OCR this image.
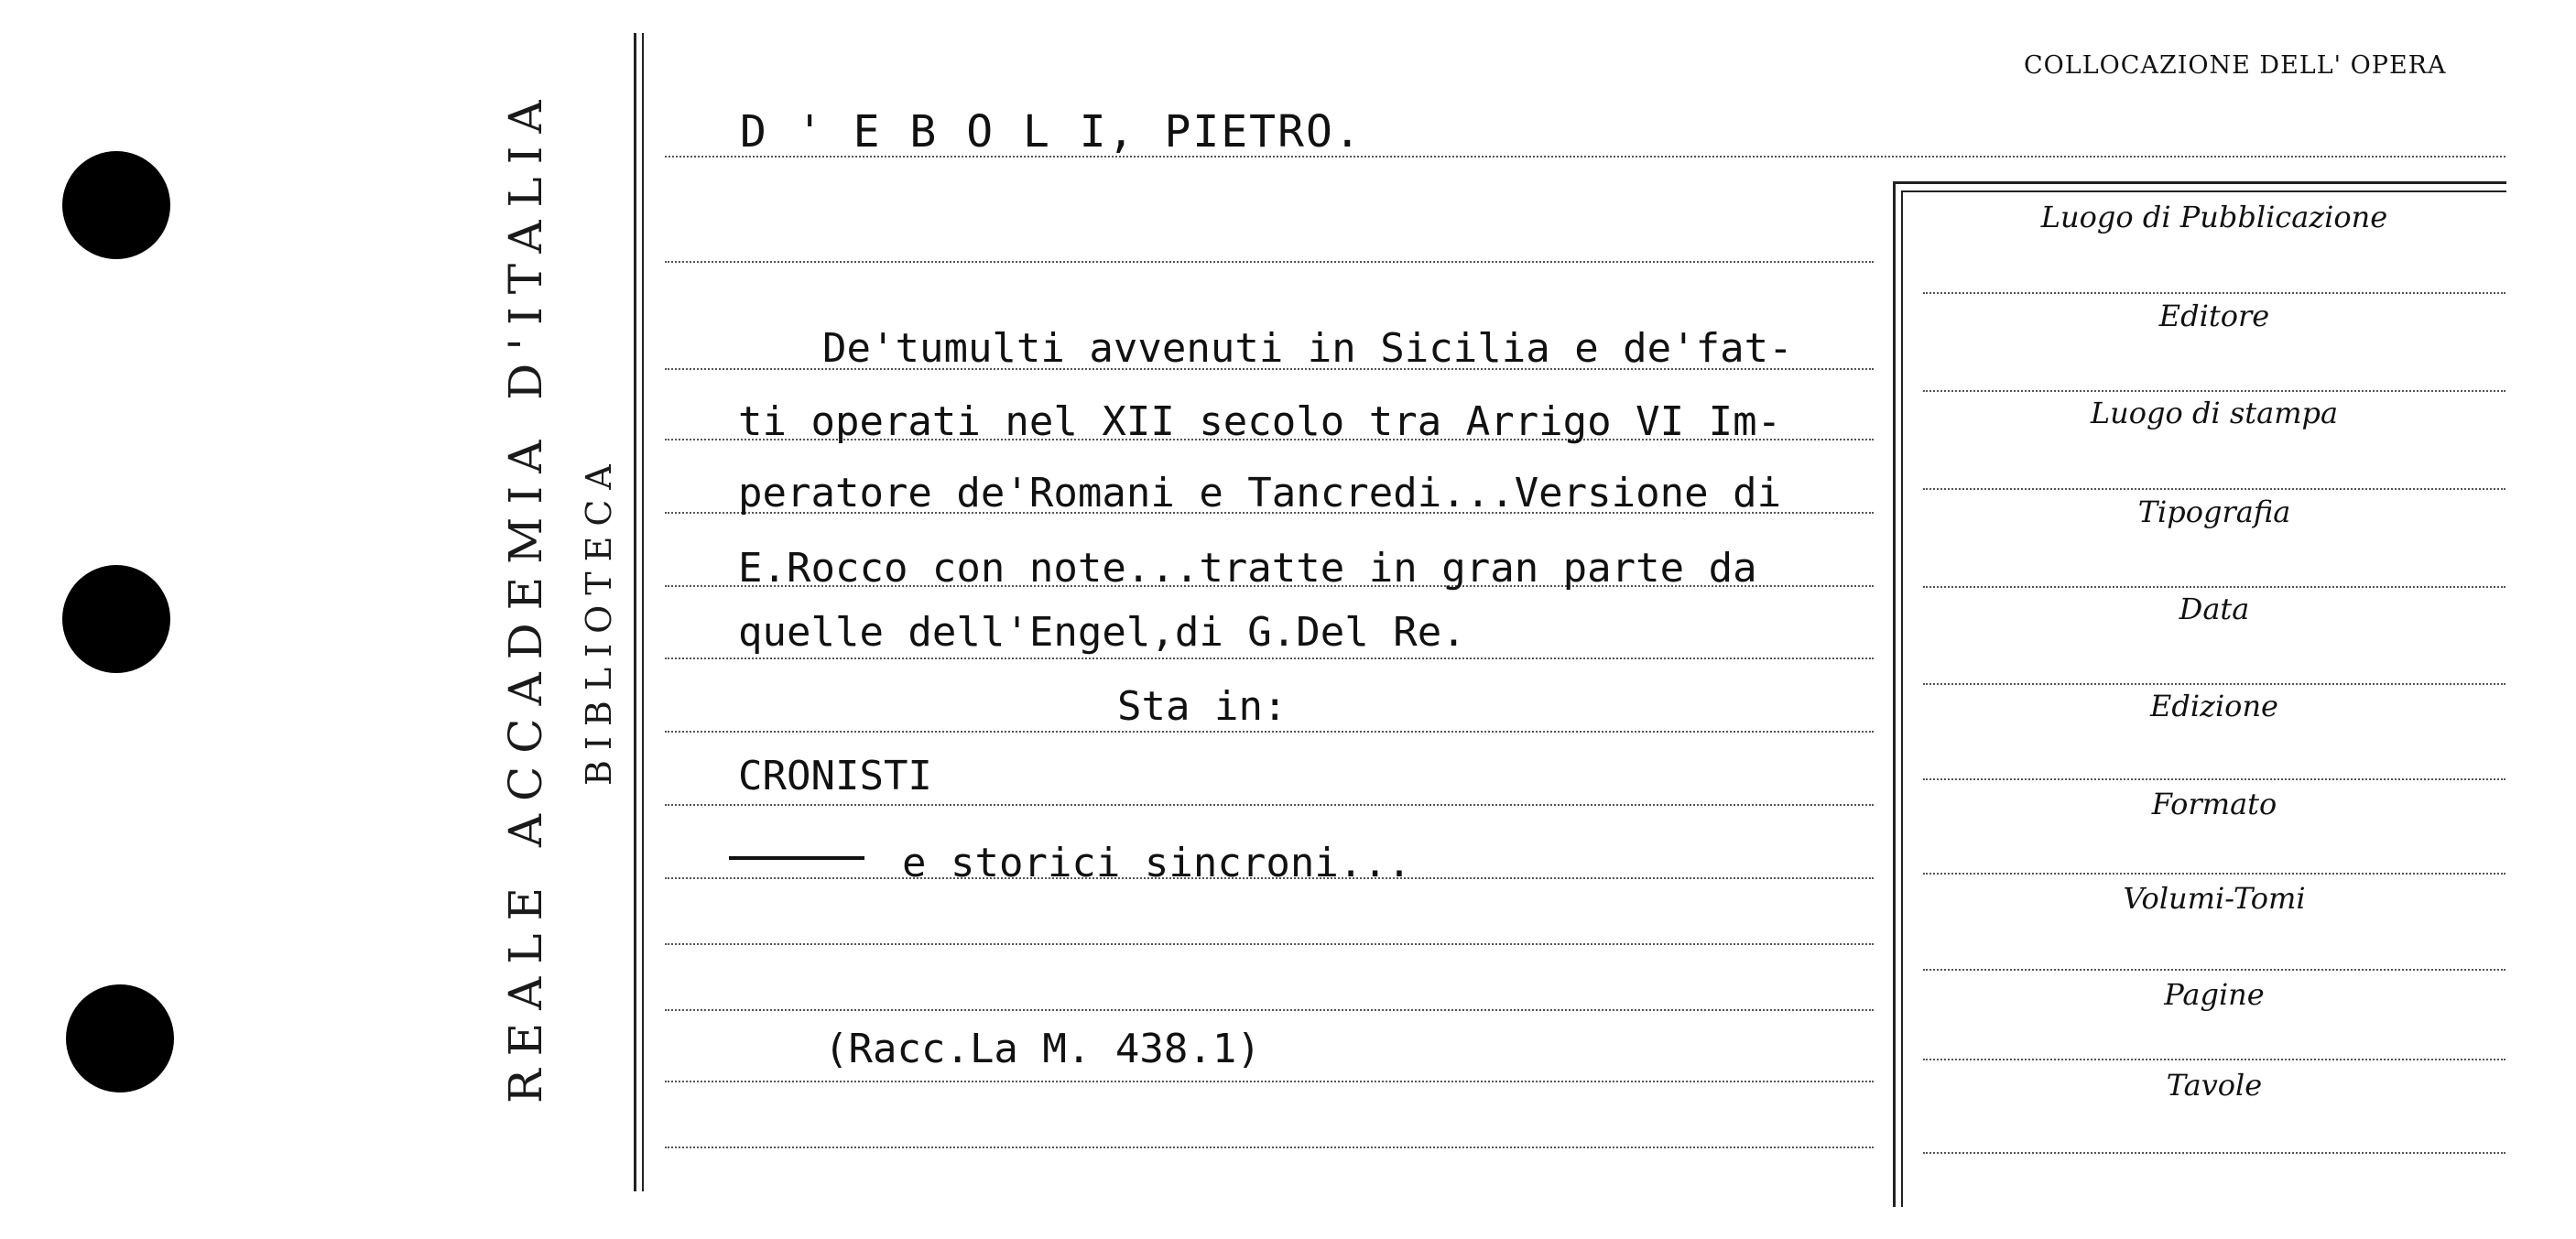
REALE ACCADEMIA D'ITALIA BIBLIOTECA
COLLOCAZIONE DELL' OPERA
D ' E B O L I, PIETRO.
De'tumulti avvenuti in Sicilia e de'fat-
ti operati nel XII secolo tra Arrigo VI Im-
peratore de'Romani e Tancredi...Versione di
E.Rocco con note...tratte in gran parte da
quelle dell'Engel,di G.Del Re.
Sta in:
CRONISTI
e storici sincroni...
(Racc.La M. 438.1)
Luogo di Pubblicazione
Editore
Luogo di stampa
Tipografia
Data
Edizione
Formato
Volumi-Tomi
Pagine
Tavole
